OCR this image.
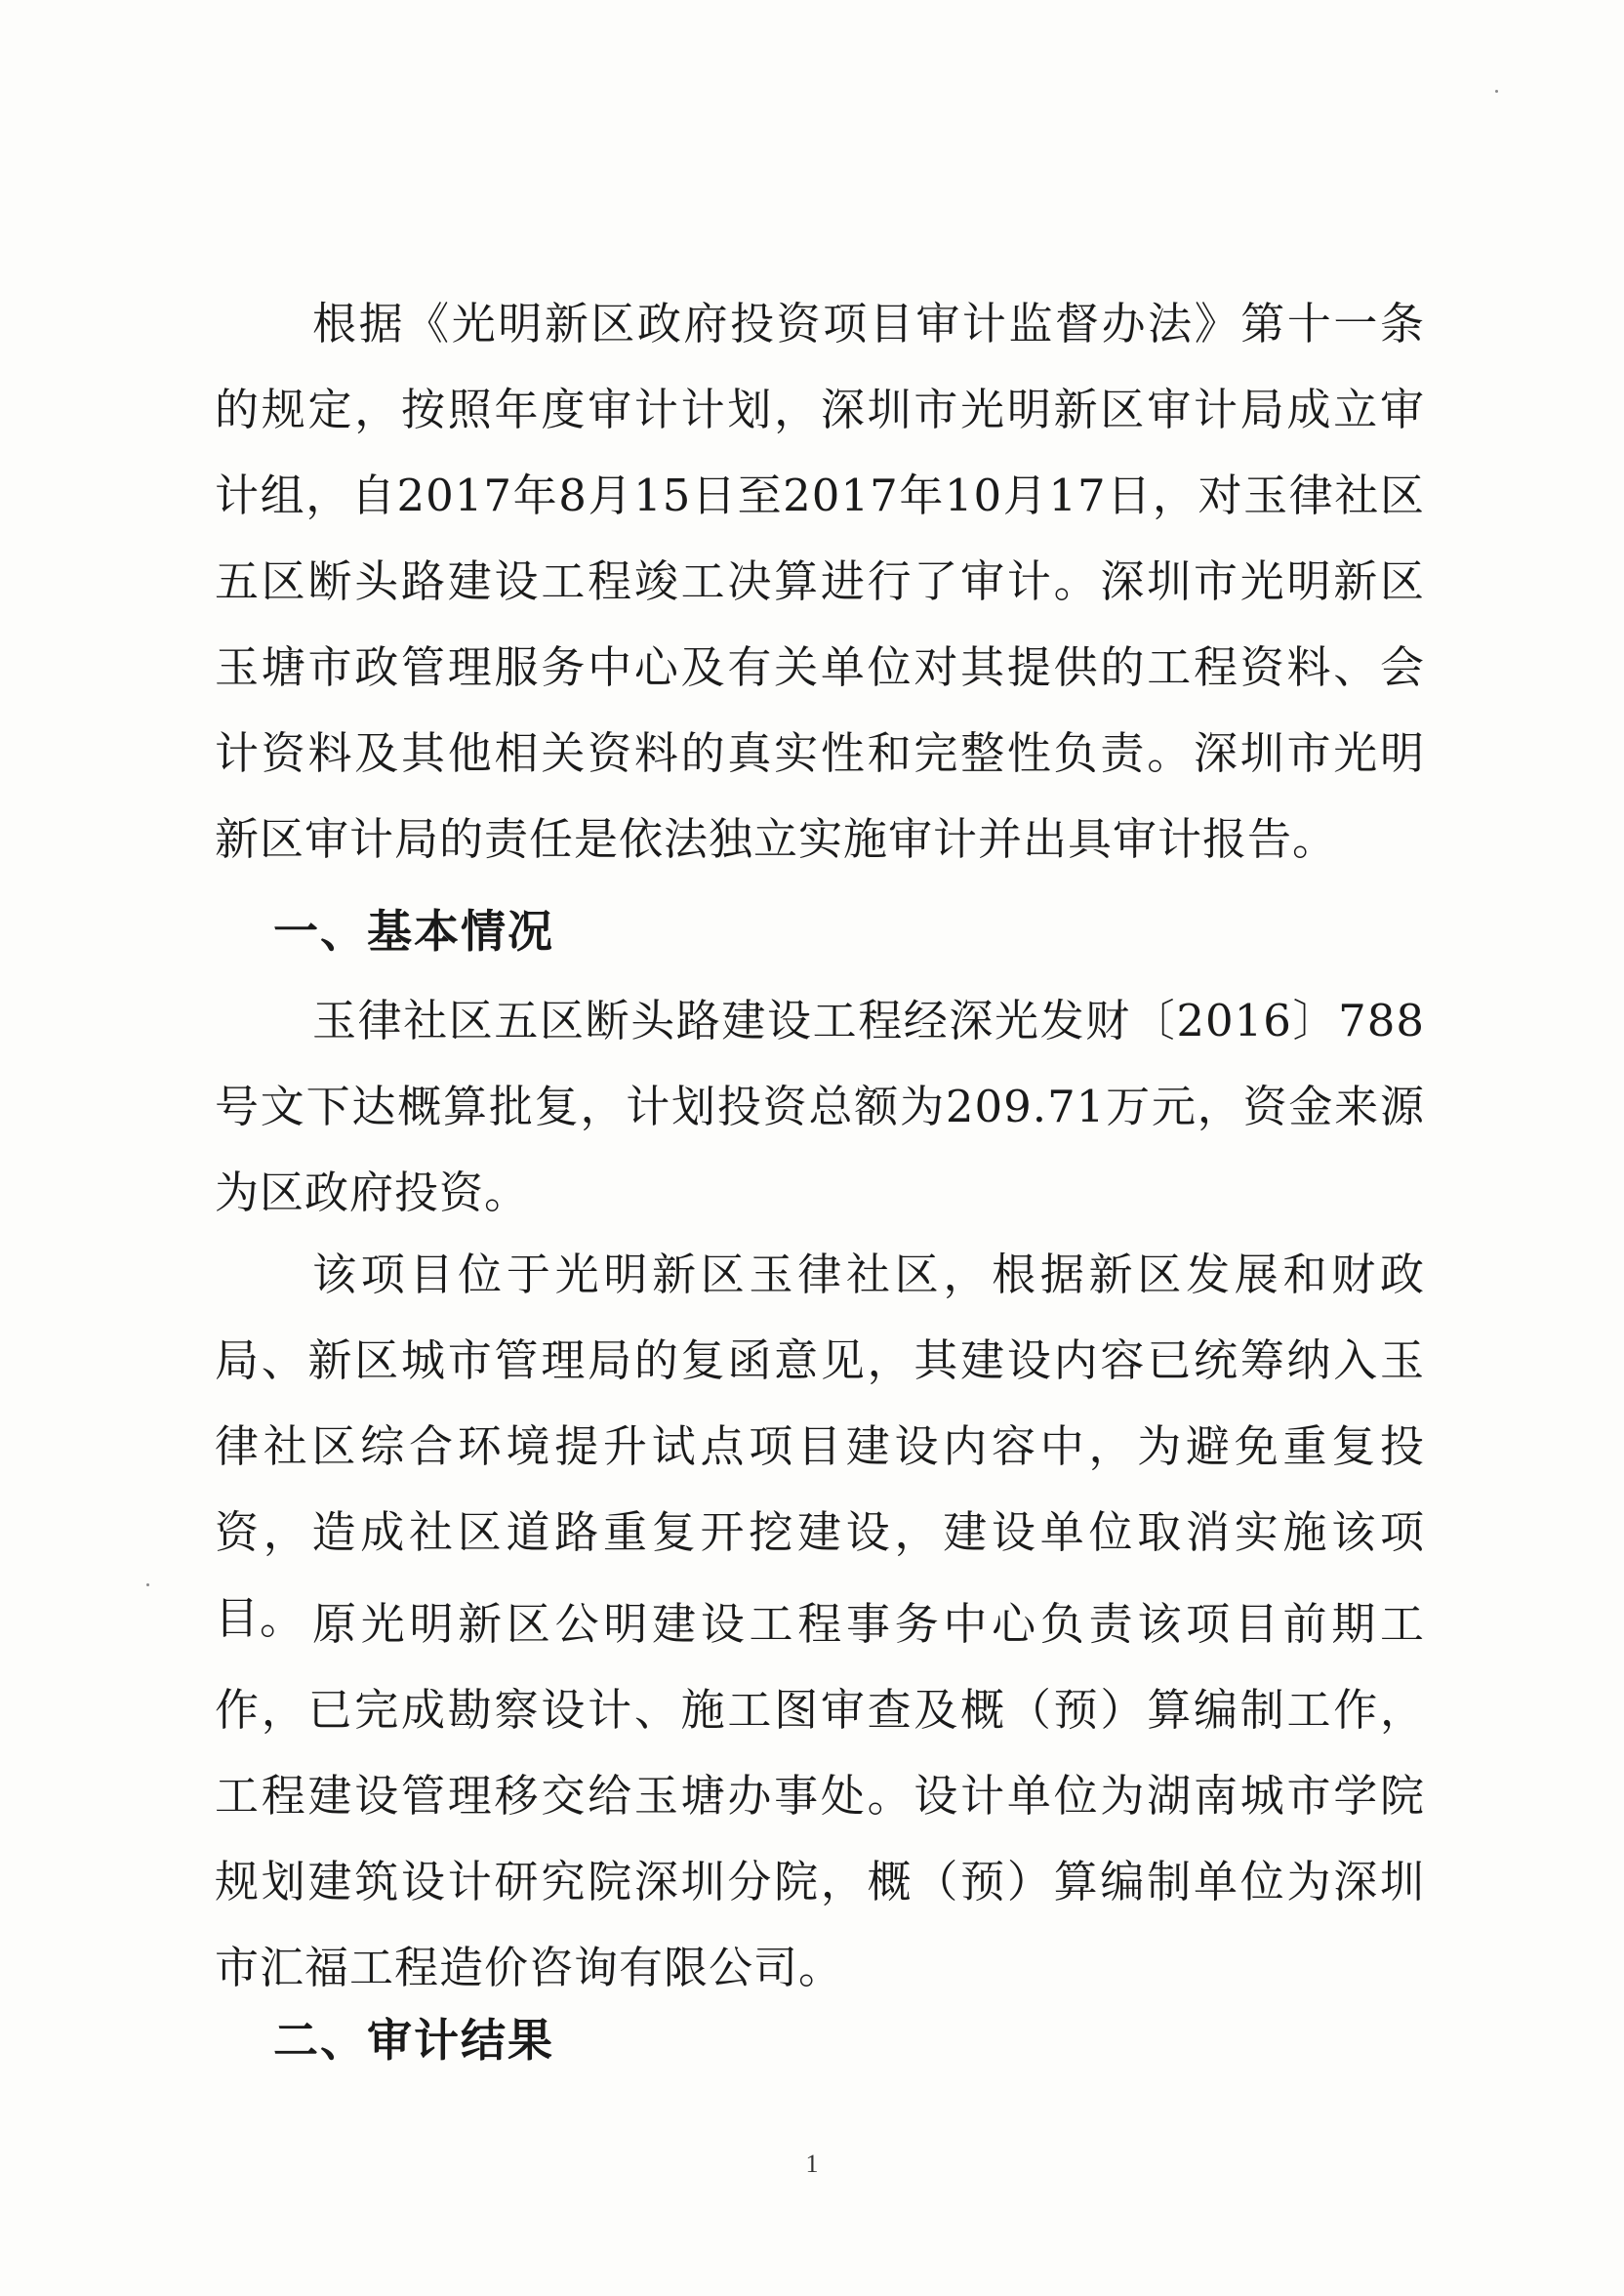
根据《光明新区政府投资项目审计监督办法》第十一条的规定，按照年度审计计划，深圳市光明新区审计局成立审计组，自2017年8月15日至2017年10月17日，对玉律社区五区断头路建设工程竣工决算进行了审计。深圳市光明新区玉塘市政管理服务中心及有关单位对其提供的工程资料、会计资料及其他相关资料的真实性和完整性负责。深圳市光明新区审计局的责任是依法独立实施审计并出具审计报告。

一、基本情况

玉律社区五区断头路建设工程经深光发财〔2016〕788号文下达概算批复，计划投资总额为209.71万元，资金来源为区政府投资。

该项目位于光明新区玉律社区，根据新区发展和财政局、新区城市管理局的复函意见，其建设内容已统筹纳入玉律社区综合环境提升试点项目建设内容中，为避免重复投资，造成社区道路重复开挖建设，建设单位取消实施该项目。 原光明新区公明建设工程事务中心负责该项目前期工作，已完成勘察设计、施工图审查及概（预）算编制工作，工程建设管理移交给玉塘办事处。设计单位为湖南城市学院规划建筑设计研究院深圳分院，概（预）算编制单位为深圳市汇福工程造价咨询有限公司。

二、审计结果
1
